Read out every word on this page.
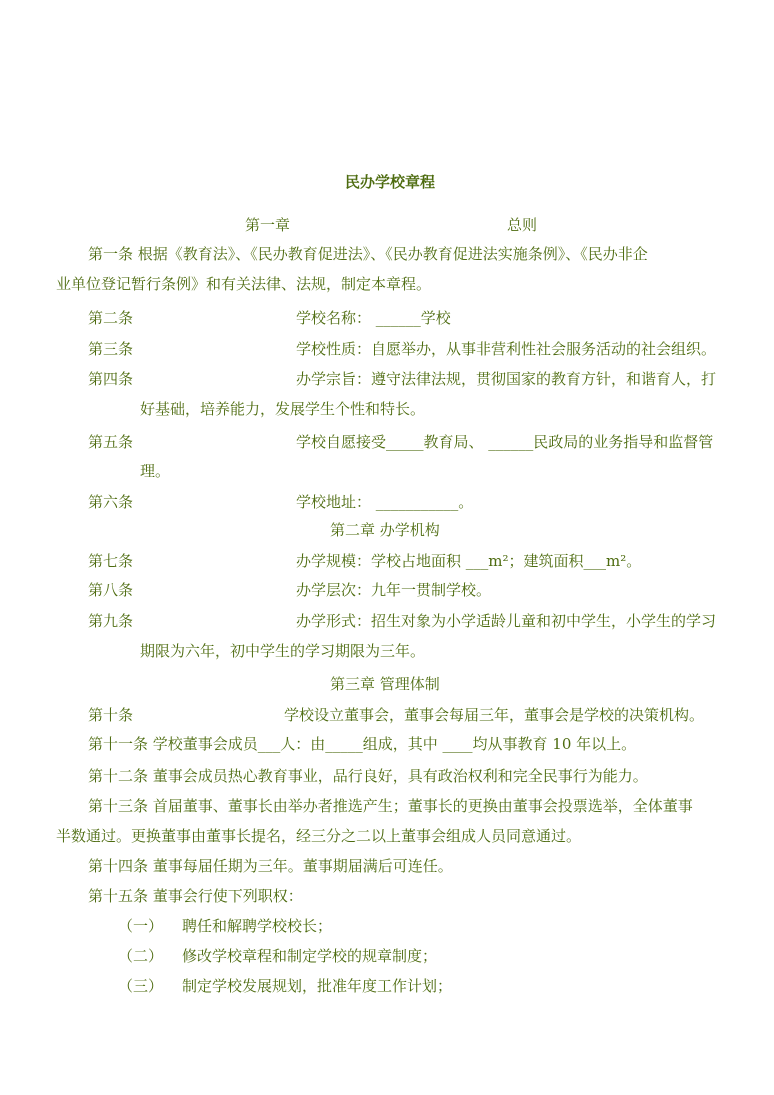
民办学校章程
第一章	总则
第一条 根据《教育法》、《民办教育促进法》、《民办教育促进法实施条例》、《民办非企
业单位登记暂行条例》和有关法律、法规，制定本章程。
第二条	学校名称： ______学校
第三条	学校性质：自愿举办，从事非营利性社会服务活动的社会组织。
第四条	办学宗旨：遵守法律法规，贯彻国家的教育方针，和谐育人，打
好基础，培养能力，发展学生个性和特长。
第五条	学校自愿接受_____教育局、 ______民政局的业务指导和监督管
理。
第六条	学校地址： ___________。
第二章 办学机构
第七条	办学规模：学校占地面积 ___m²；建筑面积___m²。
第八条	办学层次：九年一贯制学校。
第九条	办学形式：招生对象为小学适龄儿童和初中学生，小学生的学习
期限为六年，初中学生的学习期限为三年。
第三章 管理体制
第十条	学校设立董事会，董事会每届三年，董事会是学校的决策机构。
第十一条 学校董事会成员___人：由_____组成，其中 ____均从事教育 10 年以上。
第十二条 董事会成员热心教育事业，品行良好，具有政治权利和完全民事行为能力。
第十三条 首届董事、董事长由举办者推选产生；董事长的更换由董事会投票选举，全体董事
半数通过。更换董事由董事长提名，经三分之二以上董事会组成人员同意通过。
第十四条 董事每届任期为三年。董事期届满后可连任。
第十五条 董事会行使下列职权：
（一） 聘任和解聘学校校长；
（二） 修改学校章程和制定学校的规章制度；
（三） 制定学校发展规划，批准年度工作计划；
